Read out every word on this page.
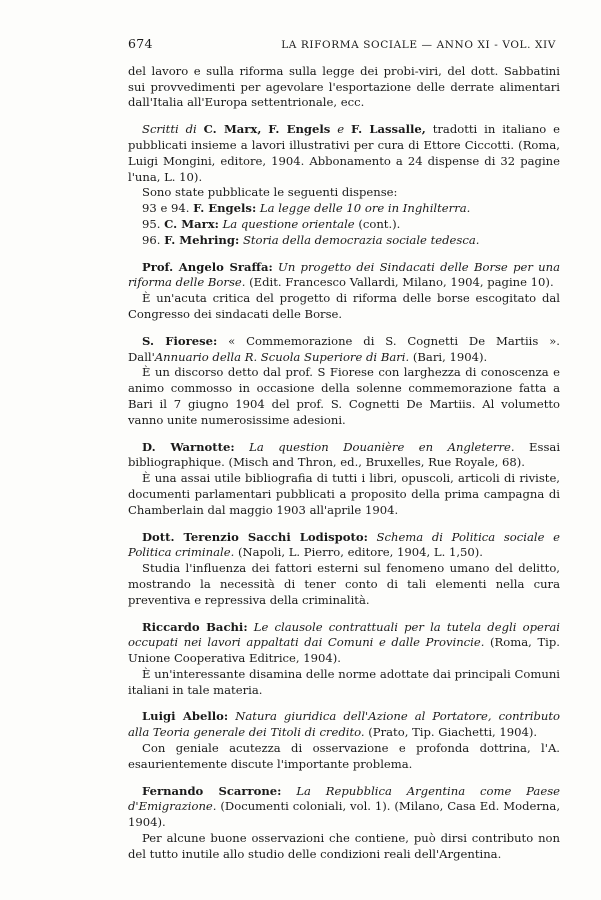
674	LA RIFORMA SOCIALE — ANNO XI - VOL. XIV

del lavoro e sulla riforma sulla legge dei probi-viri, del dott. Sabbatini sui provvedimenti per agevolare l'esportazione delle derrate alimentari dall'Italia all'Europa settentrionale, ecc.

Scritti di C. Marx, F. Engels e F. Lassalle, tradotti in italiano e pubblicati insieme a lavori illustrativi per cura di Ettore Ciccotti. (Roma, Luigi Mongini, editore, 1904. Abbonamento a 24 dispense di 32 pagine l'una, L. 10).

Sono state pubblicate le seguenti dispense:

93 e 94. F. Engels: La legge delle 10 ore in Inghilterra.
95. C. Marx: La questione orientale (cont.).
96. F. Mehring: Storia della democrazia sociale tedesca.

Prof. Angelo Sraffa: Un progetto dei Sindacati delle Borse per una riforma delle Borse. (Edit. Francesco Vallardi, Milano, 1904, pagine 10).

È un'acuta critica del progetto di riforma delle borse escogitato dal Congresso dei sindacati delle Borse.

S. Fiorese: « Commemorazione di S. Cognetti De Martiis ». Dall'Annuario della R. Scuola Superiore di Bari. (Bari, 1904).

È un discorso detto dal prof. S Fiorese con larghezza di conoscenza e animo commosso in occasione della solenne commemorazione fatta a Bari il 7 giugno 1904 del prof. S. Cognetti De Martiis. Al volumetto vanno unite numerosissime adesioni.

D. Warnotte: La question Douanière en Angleterre. Essai bibliographique. (Misch and Thron, ed., Bruxelles, Rue Royale, 68).

È una assai utile bibliografia di tutti i libri, opuscoli, articoli di riviste, documenti parlamentari pubblicati a proposito della prima campagna di Chamberlain dal maggio 1903 all'aprile 1904.

Dott. Terenzio Sacchi Lodispoto: Schema di Politica sociale e Politica criminale. (Napoli, L. Pierro, editore, 1904, L. 1,50).

Studia l'influenza dei fattori esterni sul fenomeno umano del delitto, mostrando la necessità di tener conto di tali elementi nella cura preventiva e repressiva della criminalità.

Riccardo Bachi: Le clausole contrattuali per la tutela degli operai occupati nei lavori appaltati dai Comuni e dalle Provincie. (Roma, Tip. Unione Cooperativa Editrice, 1904).

È un'interessante disamina delle norme adottate dai principali Comuni italiani in tale materia.

Luigi Abello: Natura giuridica dell'Azione al Portatore, contributo alla Teoria generale dei Titoli di credito. (Prato, Tip. Giachetti, 1904).

Con geniale acutezza di osservazione e profonda dottrina, l'A. esaurientemente discute l'importante problema.

Fernando Scarrone: La Repubblica Argentina come Paese d'Emigrazione. (Documenti coloniali, vol. 1). (Milano, Casa Ed. Moderna, 1904).

Per alcune buone osservazioni che contiene, può dirsi contributo non del tutto inutile allo studio delle condizioni reali dell'Argentina.
